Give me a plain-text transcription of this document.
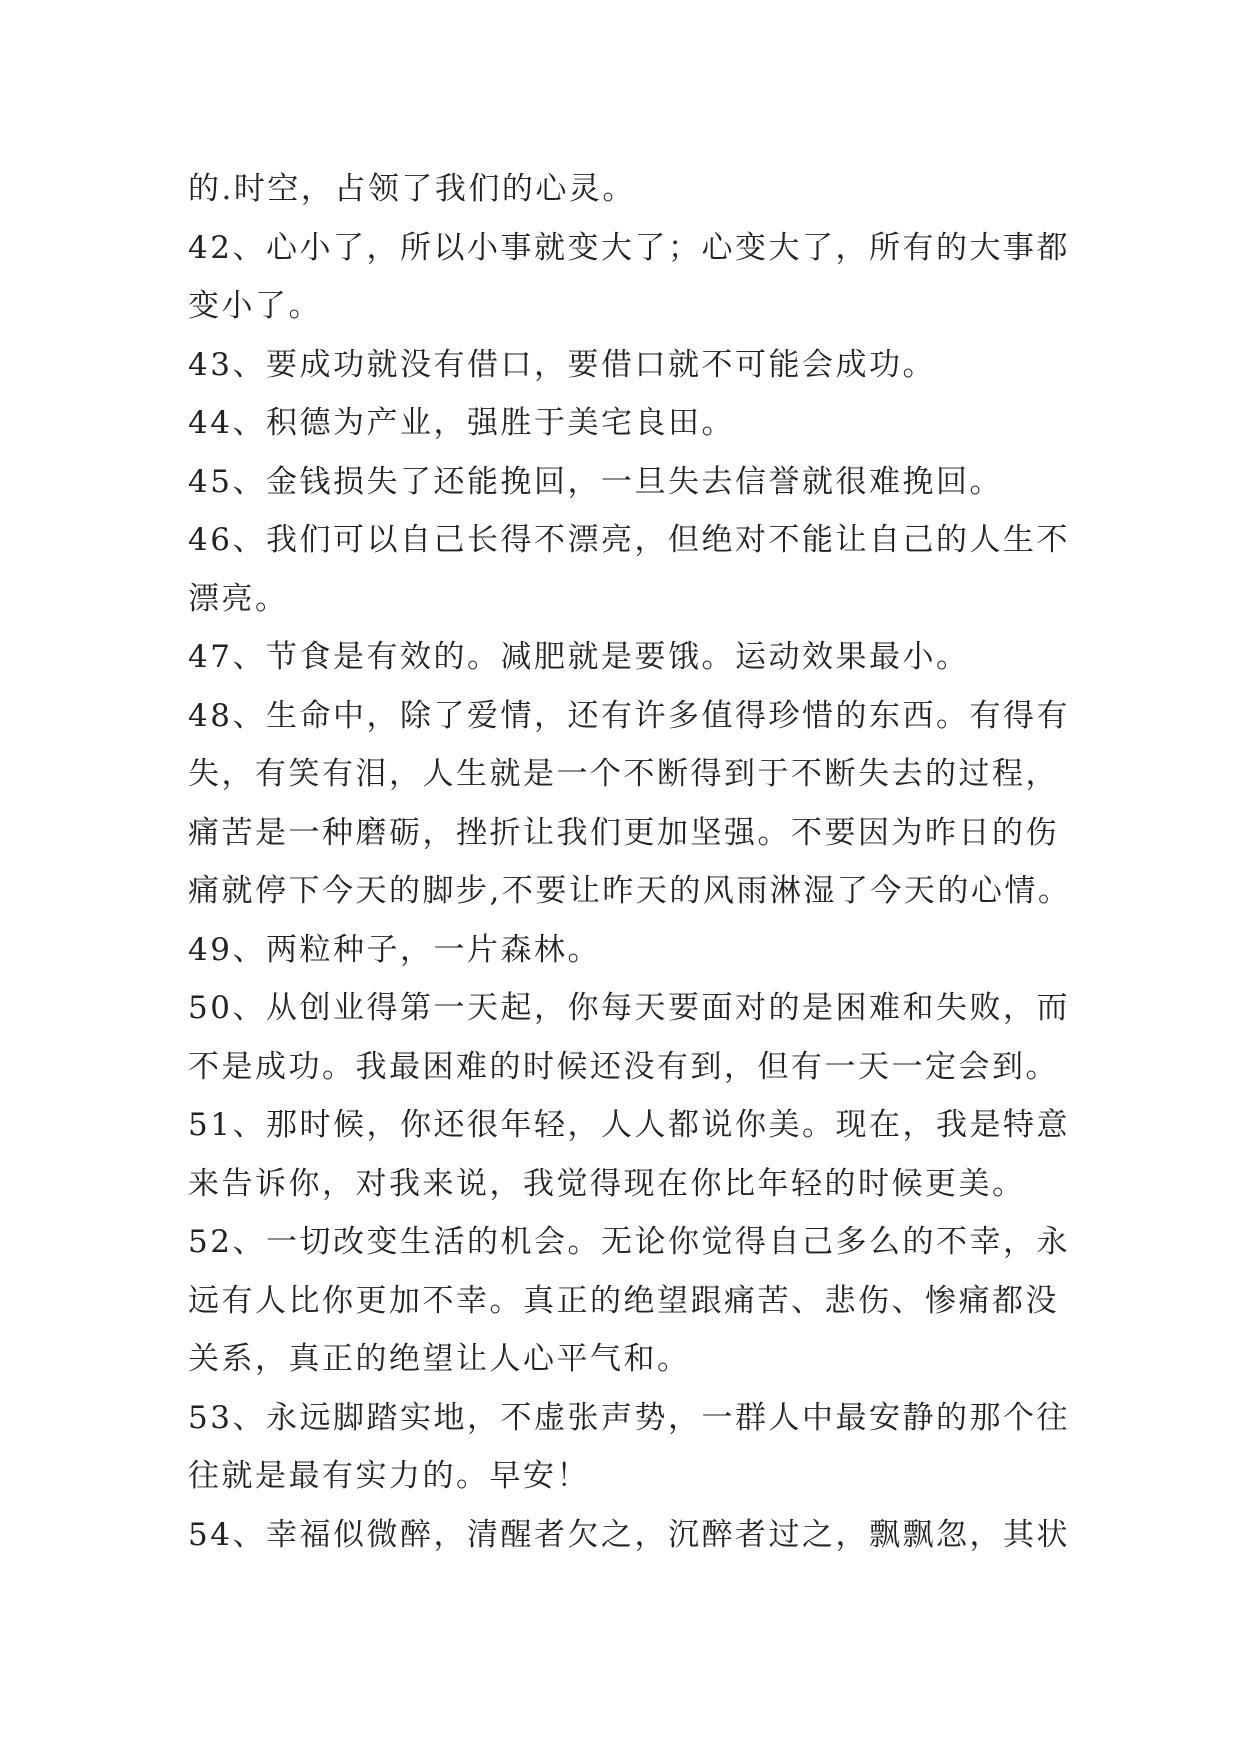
的.时空，占领了我们的心灵。
42、心小了，所以小事就变大了；心变大了，所有的大事都
变小了。
43、要成功就没有借口，要借口就不可能会成功。
44、积德为产业，强胜于美宅良田。
45、金钱损失了还能挽回，一旦失去信誉就很难挽回。
46、我们可以自己长得不漂亮，但绝对不能让自己的人生不
漂亮。
47、节食是有效的。减肥就是要饿。运动效果最小。
48、生命中，除了爱情，还有许多值得珍惜的东西。有得有
失，有笑有泪，人生就是一个不断得到于不断失去的过程，
痛苦是一种磨砺，挫折让我们更加坚强。不要因为昨日的伤
痛就停下今天的脚步,不要让昨天的风雨淋湿了今天的心情。
49、两粒种子，一片森林。
50、从创业得第一天起，你每天要面对的是困难和失败，而
不是成功。我最困难的时候还没有到，但有一天一定会到。
51、那时候，你还很年轻，人人都说你美。现在，我是特意
来告诉你，对我来说，我觉得现在你比年轻的时候更美。
52、一切改变生活的机会。无论你觉得自己多么的不幸，永
远有人比你更加不幸。真正的绝望跟痛苦、悲伤、惨痛都没
关系，真正的绝望让人心平气和。
53、永远脚踏实地，不虚张声势，一群人中最安静的那个往
往就是最有实力的。早安！
54、幸福似微醉，清醒者欠之，沉醉者过之，飘飘忽，其状
